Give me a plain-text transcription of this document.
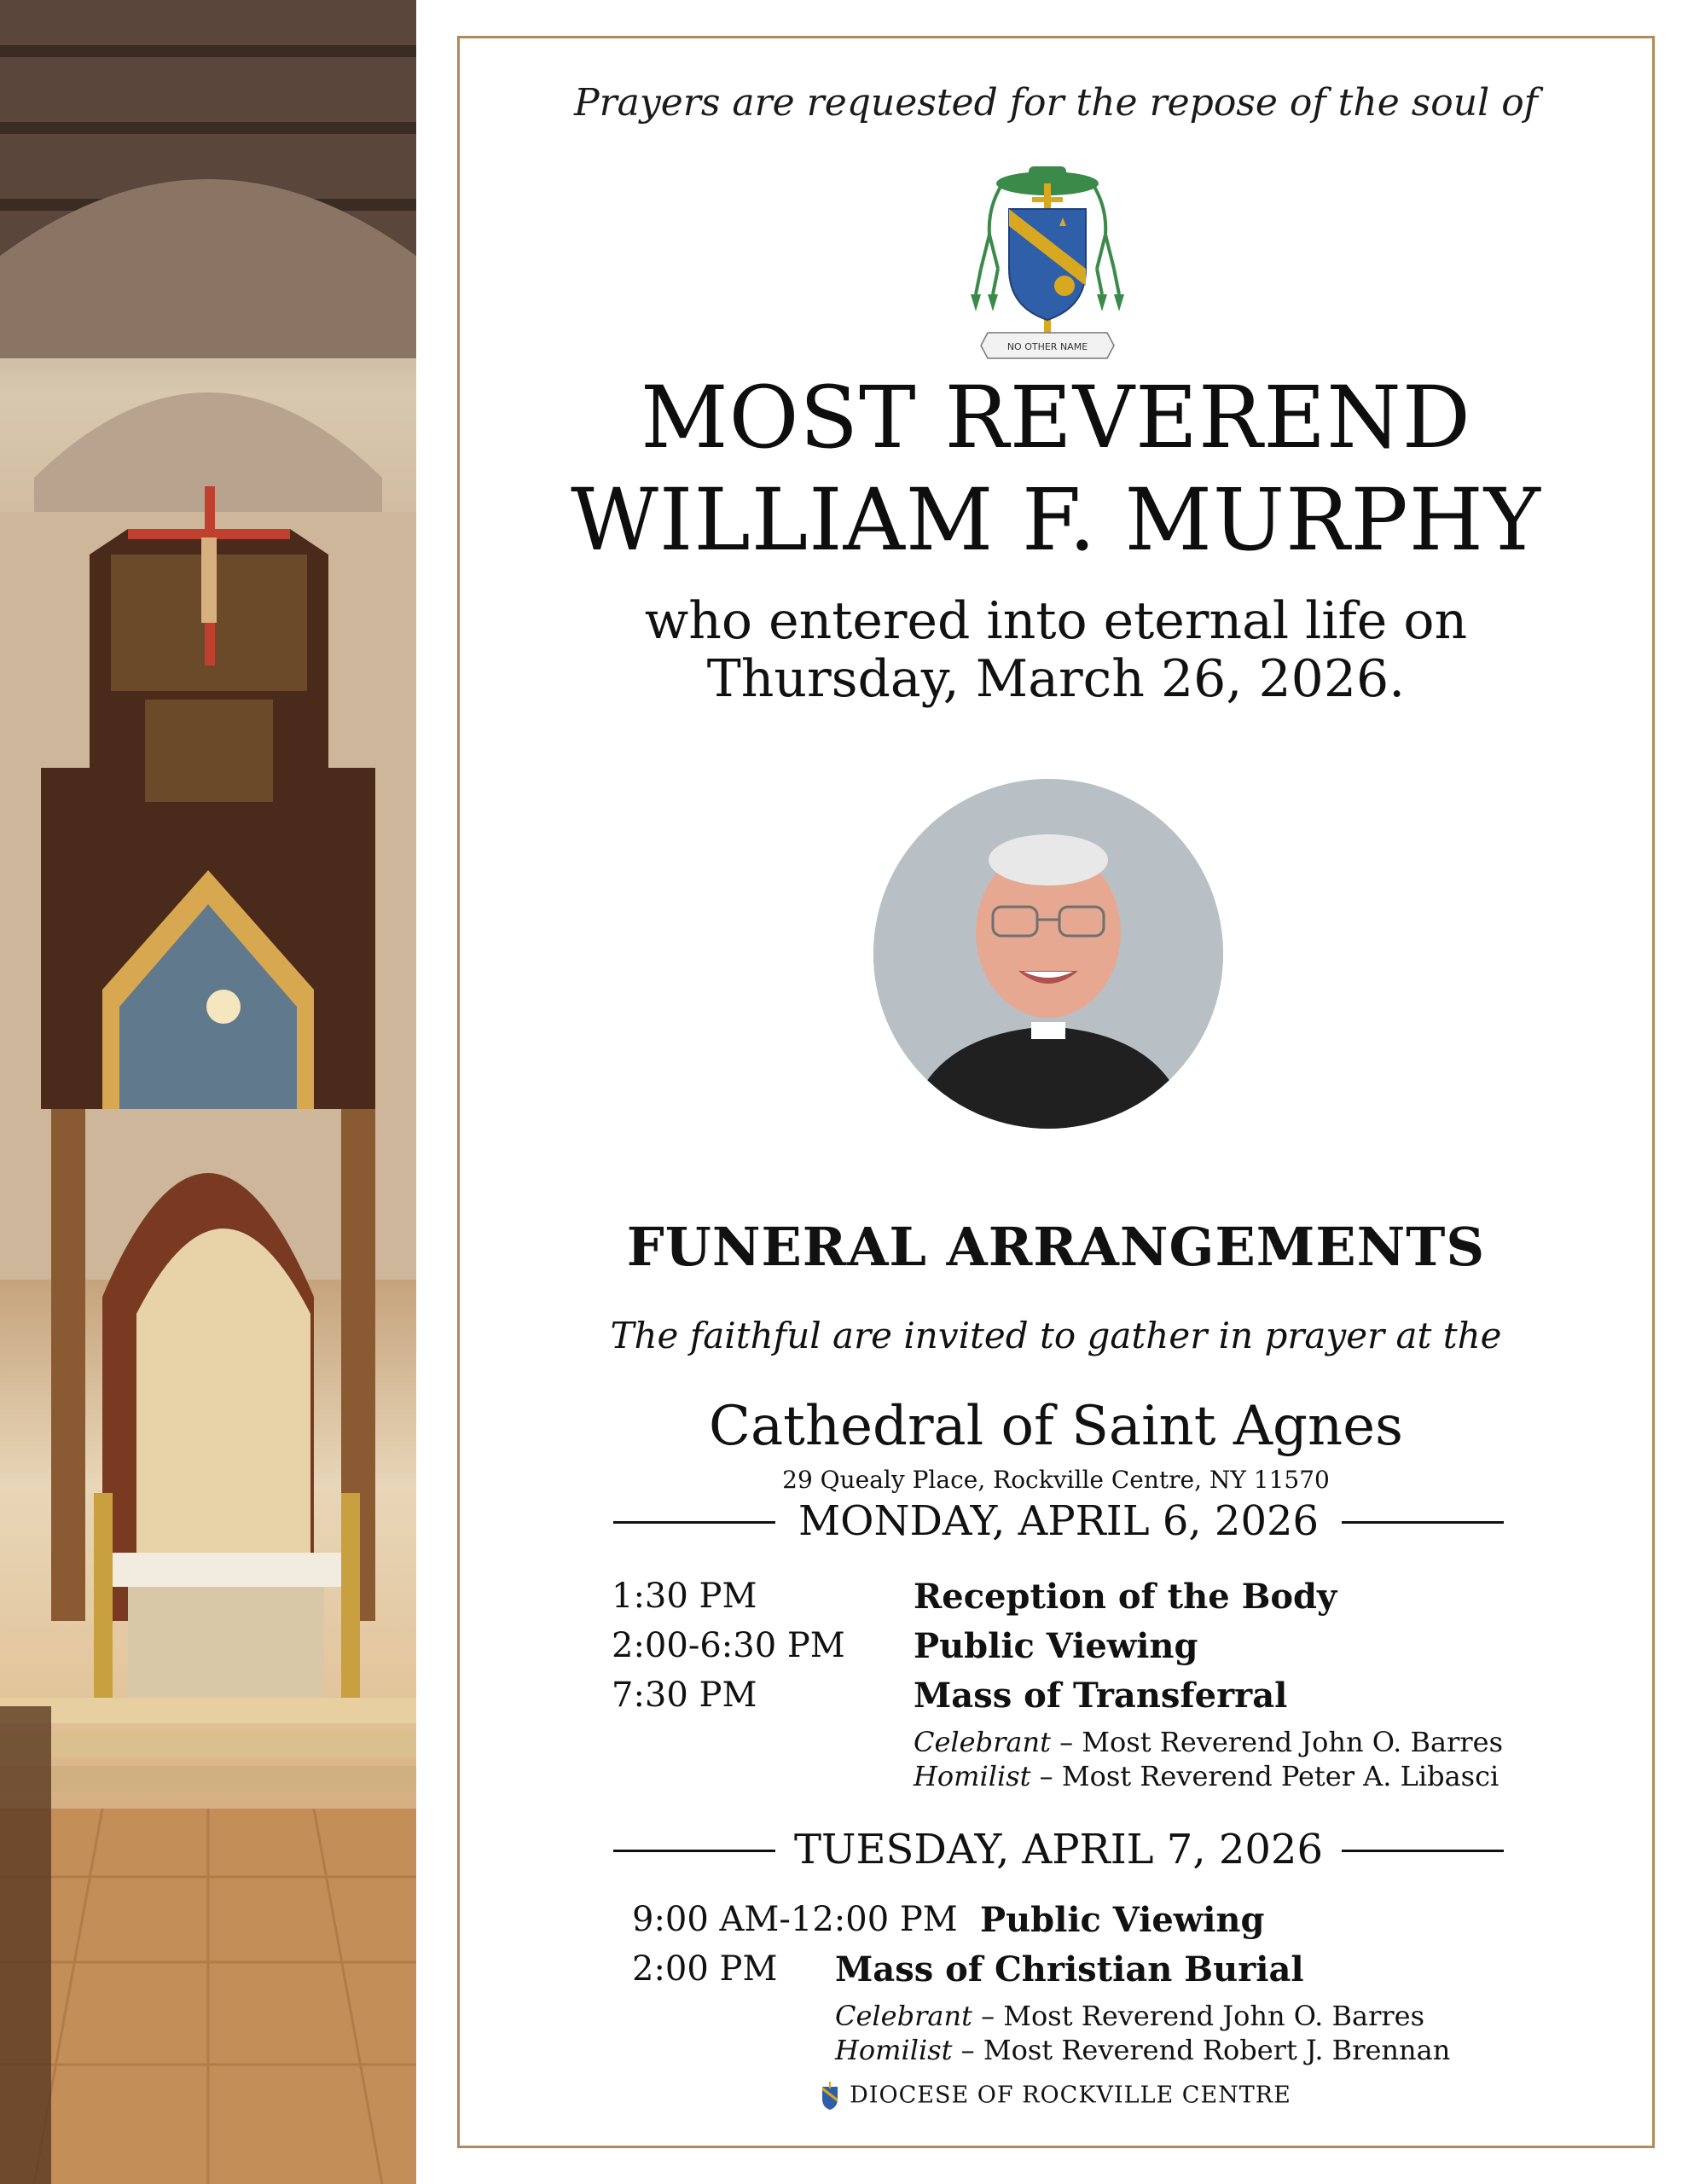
Prayers are requested for the repose of the soul of
NO OTHER NAME
MOST REVEREND
WILLIAM F. MURPHY
who entered into eternal life on
Thursday, March 26, 2026.
FUNERAL ARRANGEMENTS
The faithful are invited to gather in prayer at the
Cathedral of Saint Agnes
29 Quealy Place, Rockville Centre, NY 11570
MONDAY, APRIL 6, 2026
1:30 PM	Reception of the Body
2:00-6:30 PM Public Viewing
7:30 PM	Mass of Transferral
Celebrant – Most Reverend John O. Barres
Homilist – Most Reverend Peter A. Libasci
TUESDAY, APRIL 7, 2026
9:00 AM-12:00 PM Public Viewing
2:00 PM Mass of Christian Burial
Celebrant – Most Reverend John O. Barres
Homilist – Most Reverend Robert J. Brennan
DIOCESE OF ROCKVILLE CENTRE
